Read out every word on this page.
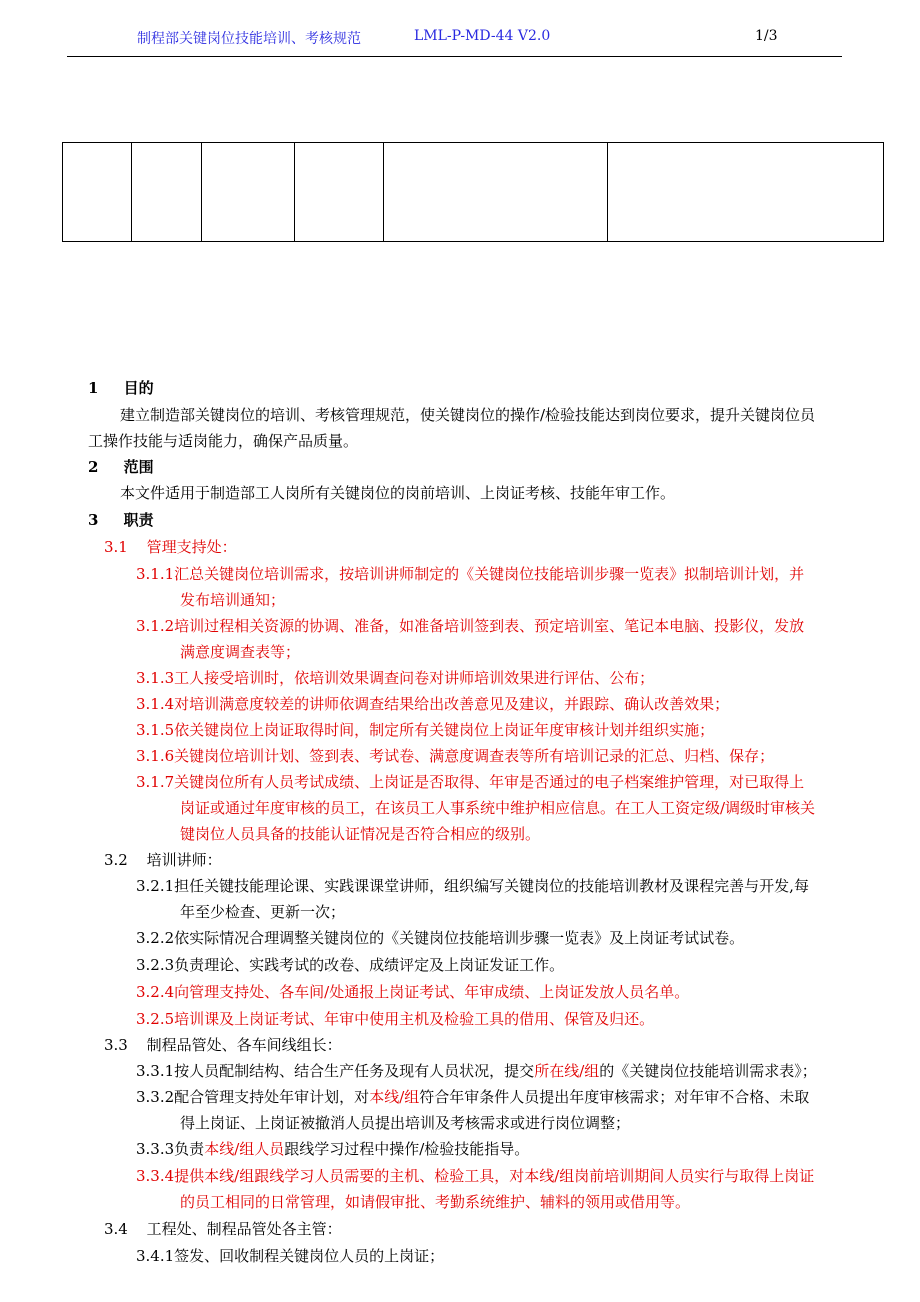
制程部关键岗位技能培训、考核规范	LML-P-MD-44 V2.0	1/3

1 目的
建立制造部关键岗位的培训、考核管理规范，使关键岗位的操作/检验技能达到岗位要求，提升关键岗位员
工操作技能与适岗能力，确保产品质量。
2 范围
本文件适用于制造部工人岗所有关键岗位的岗前培训、上岗证考核、技能年审工作。
3 职责
3.1 管理支持处：
3.1.1汇总关键岗位培训需求，按培训讲师制定的《关键岗位技能培训步骤一览表》拟制培训计划，并
发布培训通知；
3.1.2培训过程相关资源的协调、准备，如准备培训签到表、预定培训室、笔记本电脑、投影仪，发放
满意度调查表等；
3.1.3工人接受培训时，依培训效果调查问卷对讲师培训效果进行评估、公布；
3.1.4对培训满意度较差的讲师依调查结果给出改善意见及建议，并跟踪、确认改善效果；
3.1.5依关键岗位上岗证取得时间，制定所有关键岗位上岗证年度审核计划并组织实施；
3.1.6关键岗位培训计划、签到表、考试卷、满意度调查表等所有培训记录的汇总、归档、保存；
3.1.7关键岗位所有人员考试成绩、上岗证是否取得、年审是否通过的电子档案维护管理，对已取得上
岗证或通过年度审核的员工，在该员工人事系统中维护相应信息。在工人工资定级/调级时审核关
键岗位人员具备的技能认证情况是否符合相应的级别。
3.2 培训讲师：
3.2.1担任关键技能理论课、实践课课堂讲师，组织编写关键岗位的技能培训教材及课程完善与开发,每
年至少检查、更新一次；
3.2.2依实际情况合理调整关键岗位的《关键岗位技能培训步骤一览表》及上岗证考试试卷。
3.2.3负责理论、实践考试的改卷、成绩评定及上岗证发证工作。
3.2.4向管理支持处、各车间/处通报上岗证考试、年审成绩、上岗证发放人员名单。
3.2.5培训课及上岗证考试、年审中使用主机及检验工具的借用、保管及归还。
3.3 制程品管处、各车间线组长：
3.3.1按人员配制结构、结合生产任务及现有人员状况，提交所在线/组的《关键岗位技能培训需求表》；
3.3.2配合管理支持处年审计划，对本线/组符合年审条件人员提出年度审核需求；对年审不合格、未取
得上岗证、上岗证被撤消人员提出培训及考核需求或进行岗位调整；
3.3.3负责本线/组人员跟线学习过程中操作/检验技能指导。
3.3.4提供本线/组跟线学习人员需要的主机、检验工具，对本线/组岗前培训期间人员实行与取得上岗证
的员工相同的日常管理，如请假审批、考勤系统维护、辅料的领用或借用等。
3.4 工程处、制程品管处各主管：
3.4.1签发、回收制程关键岗位人员的上岗证；
